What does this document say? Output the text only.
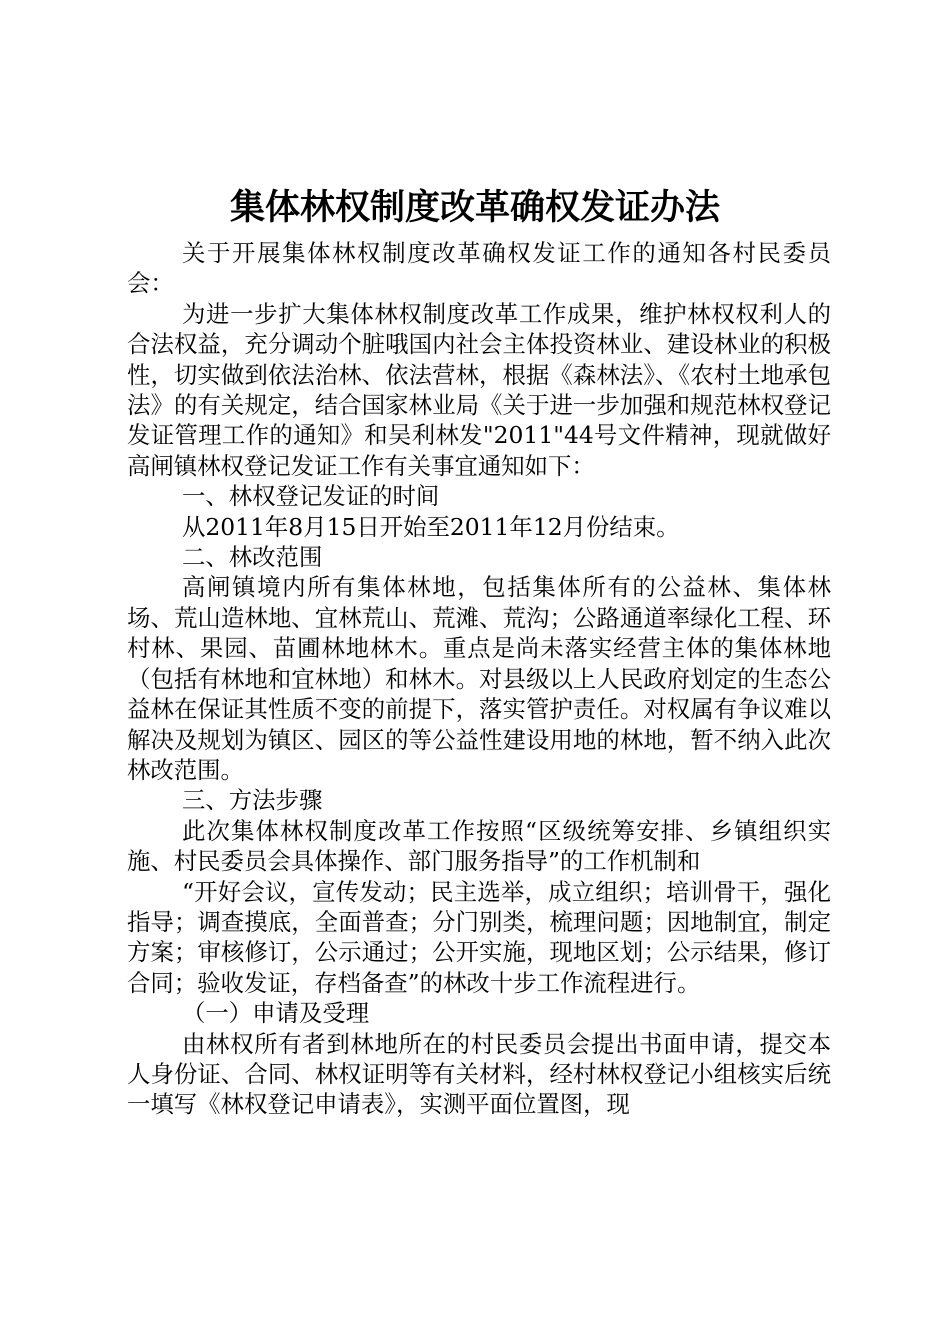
集体林权制度改革确权发证办法

关于开展集体林权制度改革确权发证工作的通知各村民委员会：

为进一步扩大集体林权制度改革工作成果，维护林权权利人的合法权益，充分调动个脏哦国内社会主体投资林业、建设林业的积极性，切实做到依法治林、依法营林，根据《森林法》、《农村土地承包法》的有关规定，结合国家林业局《关于进一步加强和规范林权登记发证管理工作的通知》和吴利林发"2011"44号文件精神，现就做好高闸镇林权登记发证工作有关事宜通知如下：

一、林权登记发证的时间

从2011年8月15日开始至2011年12月份结束。

二、林改范围

高闸镇境内所有集体林地，包括集体所有的公益林、集体林场、荒山造林地、宜林荒山、荒滩、荒沟；公路通道率绿化工程、环村林、果园、苗圃林地林木。重点是尚未落实经营主体的集体林地（包括有林地和宜林地）和林木。对县级以上人民政府划定的生态公益林在保证其性质不变的前提下，落实管护责任。对权属有争议难以解决及规划为镇区、园区的等公益性建设用地的林地，暂不纳入此次林改范围。

三、方法步骤

此次集体林权制度改革工作按照“区级统筹安排、乡镇组织实施、村民委员会具体操作、部门服务指导”的工作机制和

“开好会议，宣传发动；民主选举，成立组织；培训骨干，强化指导；调查摸底，全面普查；分门别类，梳理问题；因地制宜，制定方案；审核修订，公示通过；公开实施，现地区划；公示结果，修订合同；验收发证，存档备查”的林改十步工作流程进行。

（一）申请及受理

由林权所有者到林地所在的村民委员会提出书面申请，提交本人身份证、合同、林权证明等有关材料，经村林权登记小组核实后统一填写《林权登记申请表》，实测平面位置图，现
